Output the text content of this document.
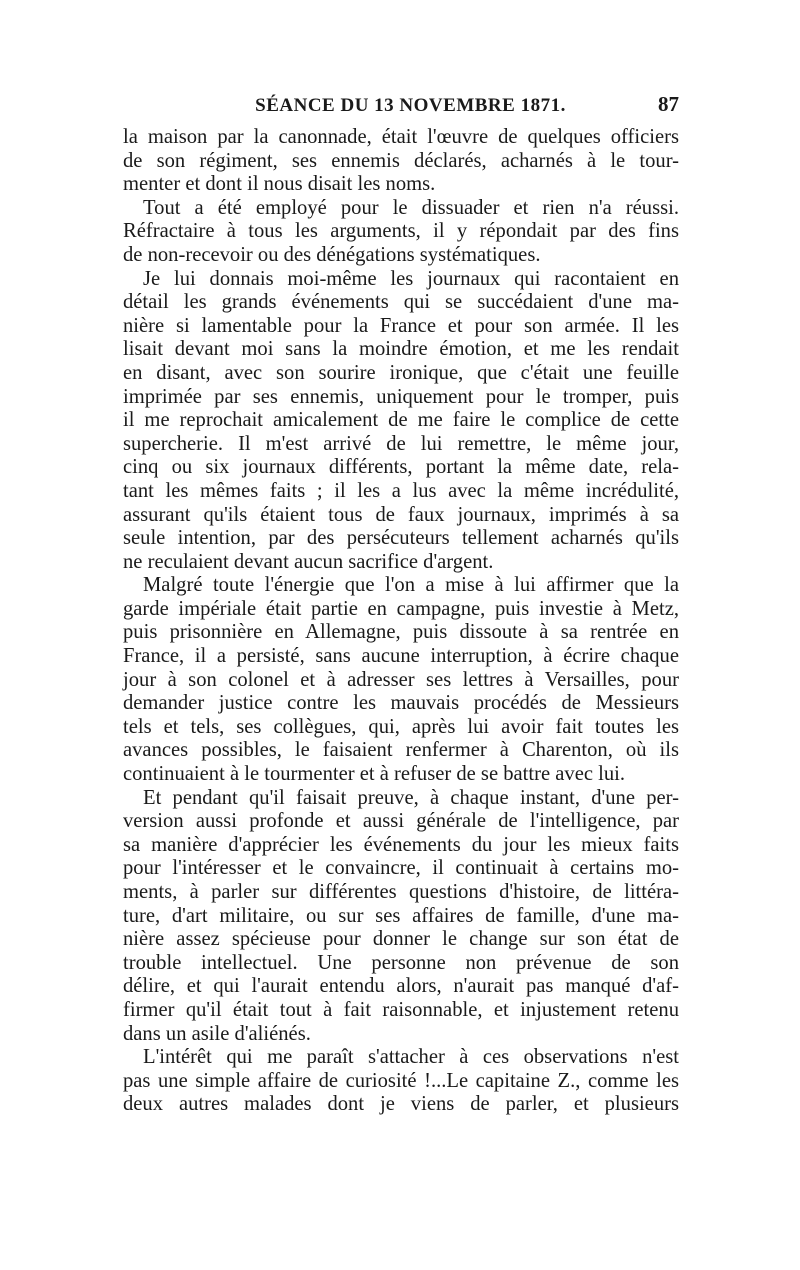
SÉANCE DU 13 NOVEMBRE 1871.	87

la maison par la canonnade, était l'œuvre de quelques officiers

de son régiment, ses ennemis déclarés, acharnés à le tour-

menter et dont il nous disait les noms.

Tout a été employé pour le dissuader et rien n'a réussi.

Réfractaire à tous les arguments, il y répondait par des fins

de non-recevoir ou des dénégations systématiques.

Je lui donnais moi-même les journaux qui racontaient en

détail les grands événements qui se succédaient d'une ma-

nière si lamentable pour la France et pour son armée. Il les

lisait devant moi sans la moindre émotion, et me les rendait

en disant, avec son sourire ironique, que c'était une feuille

imprimée par ses ennemis, uniquement pour le tromper, puis

il me reprochait amicalement de me faire le complice de cette

supercherie. Il m'est arrivé de lui remettre, le même jour,

cinq ou six journaux différents, portant la même date, rela-

tant les mêmes faits ; il les a lus avec la même incrédulité,

assurant qu'ils étaient tous de faux journaux, imprimés à sa

seule intention, par des persécuteurs tellement acharnés qu'ils

ne reculaient devant aucun sacrifice d'argent.

Malgré toute l'énergie que l'on a mise à lui affirmer que la

garde impériale était partie en campagne, puis investie à Metz,

puis prisonnière en Allemagne, puis dissoute à sa rentrée en

France, il a persisté, sans aucune interruption, à écrire chaque

jour à son colonel et à adresser ses lettres à Versailles, pour

demander justice contre les mauvais procédés de Messieurs

tels et tels, ses collègues, qui, après lui avoir fait toutes les

avances possibles, le faisaient renfermer à Charenton, où ils

continuaient à le tourmenter et à refuser de se battre avec lui.

Et pendant qu'il faisait preuve, à chaque instant, d'une per-

version aussi profonde et aussi générale de l'intelligence, par

sa manière d'apprécier les événements du jour les mieux faits

pour l'intéresser et le convaincre, il continuait à certains mo-

ments, à parler sur différentes questions d'histoire, de littéra-

ture, d'art militaire, ou sur ses affaires de famille, d'une ma-

nière assez spécieuse pour donner le change sur son état de

trouble intellectuel. Une personne non prévenue de son

délire, et qui l'aurait entendu alors, n'aurait pas manqué d'af-

firmer qu'il était tout à fait raisonnable, et injustement retenu

dans un asile d'aliénés.

L'intérêt qui me paraît s'attacher à ces observations n'est

pas une simple affaire de curiosité !...Le capitaine Z., comme les

deux autres malades dont je viens de parler, et plusieurs
